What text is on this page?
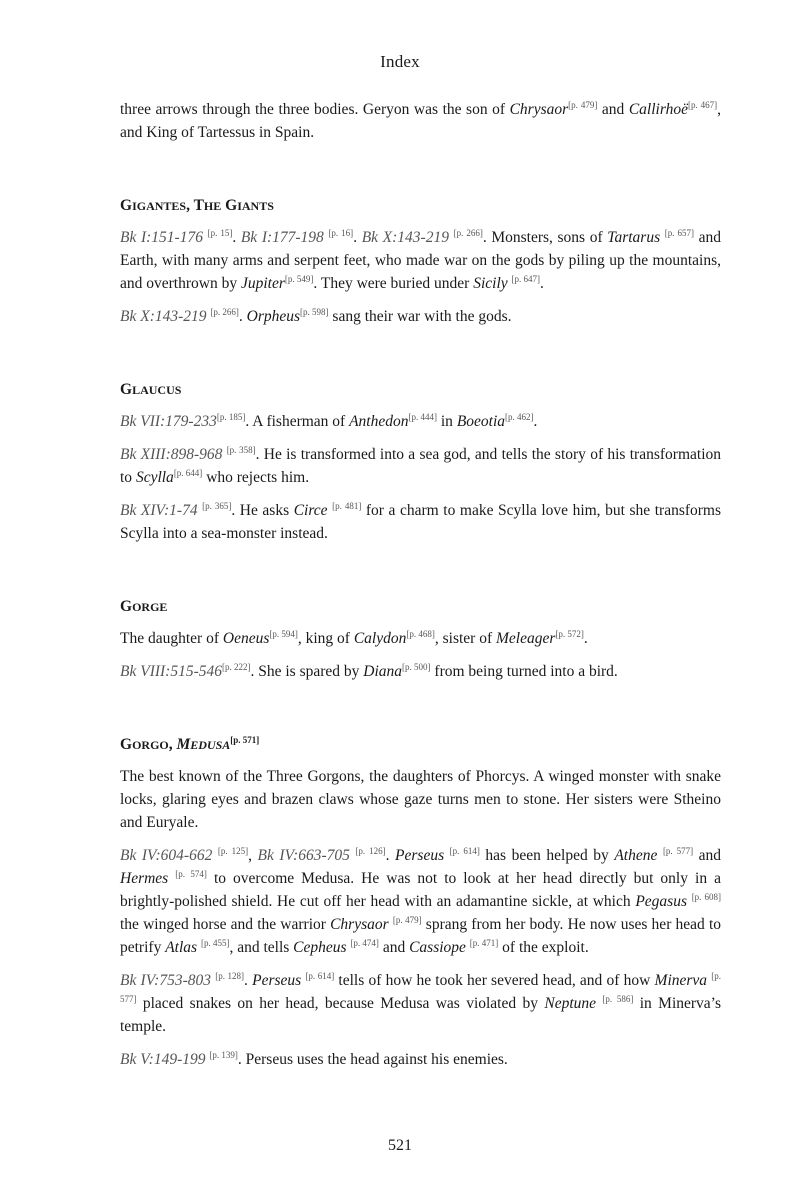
Index

three arrows through the three bodies. Geryon was the son of Chrysaor[p. 479] and Callirhoë[p. 467], and King of Tartessus in Spain.

GIGANTES, THE GIANTS

Bk I:151-176 [p. 15]. Bk I:177-198 [p. 16]. Bk X:143-219 [p. 266]. Monsters, sons of Tartarus [p. 657] and Earth, with many arms and serpent feet, who made war on the gods by piling up the mountains, and overthrown by Jupiter[p. 549]. They were buried under Sicily [p. 647].

Bk X:143-219 [p. 266]. Orpheus[p. 598] sang their war with the gods.

GLAUCUS

Bk VII:179-233[p. 185]. A fisherman of Anthedon[p. 444] in Boeotia[p. 462].

Bk XIII:898-968 [p. 358]. He is transformed into a sea god, and tells the story of his transformation to Scylla[p. 644] who rejects him.

Bk XIV:1-74 [p. 365]. He asks Circe [p. 481] for a charm to make Scylla love him, but she transforms Scylla into a sea-monster instead.

GORGE

The daughter of Oeneus[p. 594], king of Calydon[p. 468], sister of Meleager[p. 572].

Bk VIII:515-546[p. 222]. She is spared by Diana[p. 500] from being turned into a bird.

GORGO, MEDUSA[p. 571]

The best known of the Three Gorgons, the daughters of Phorcys. A winged monster with snake locks, glaring eyes and brazen claws whose gaze turns men to stone. Her sisters were Stheino and Euryale.

Bk IV:604-662 [p. 125], Bk IV:663-705 [p. 126]. Perseus [p. 614] has been helped by Athene [p. 577] and Hermes [p. 574] to overcome Medusa. He was not to look at her head directly but only in a brightly-polished shield. He cut off her head with an adamantine sickle, at which Pegasus [p. 608] the winged horse and the warrior Chrysaor [p. 479] sprang from her body. He now uses her head to petrify Atlas [p. 455], and tells Cepheus [p. 474] and Cassiope [p. 471] of the exploit.

Bk IV:753-803 [p. 128]. Perseus [p. 614] tells of how he took her severed head, and of how Minerva [p. 577] placed snakes on her head, because Medusa was violated by Neptune [p. 586] in Minerva’s temple.

Bk V:149-199 [p. 139]. Perseus uses the head against his enemies.

521
